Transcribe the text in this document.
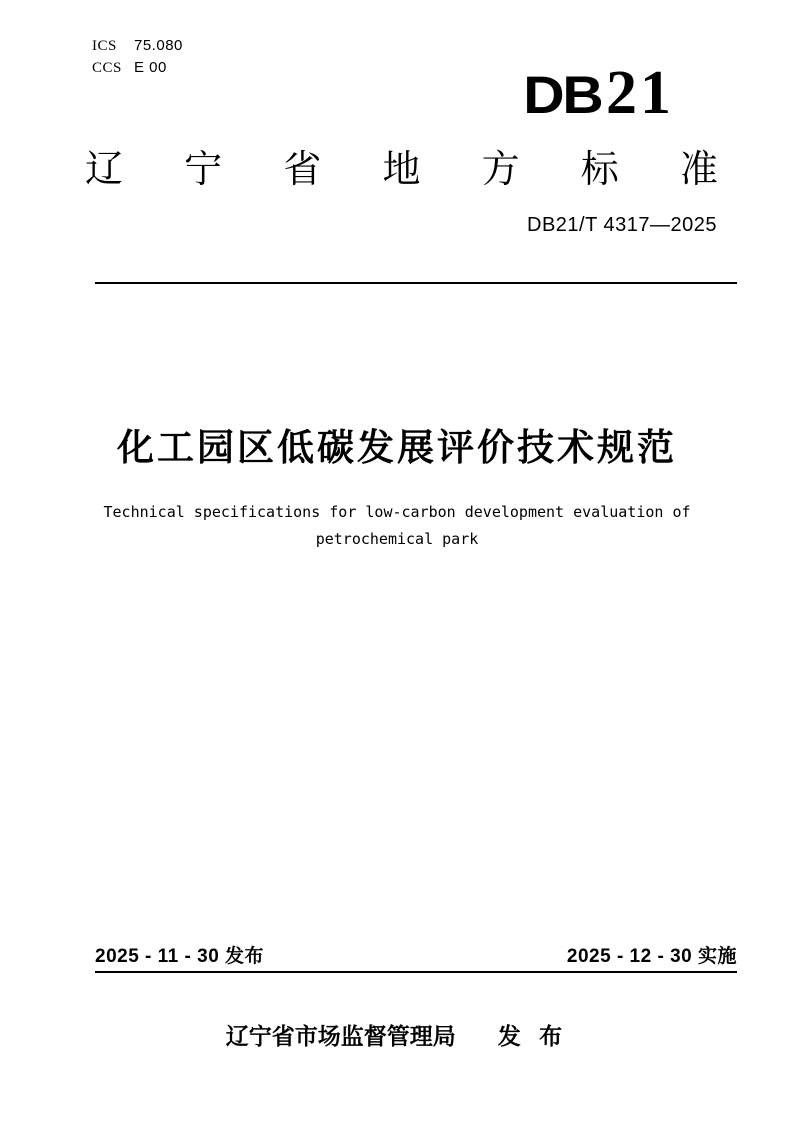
ICS	75.080
CCS E 00	DB 21
辽 宁 省 地 方 标 准
DB21/T 4317—2025
化工园区低碳发展评价技术规范
Technical specifications for low-carbon development evaluation of
petrochemical park
2025 - 11 - 30 发布	2025 - 12 - 30 实施
辽宁省市场监督管理局 发 布
